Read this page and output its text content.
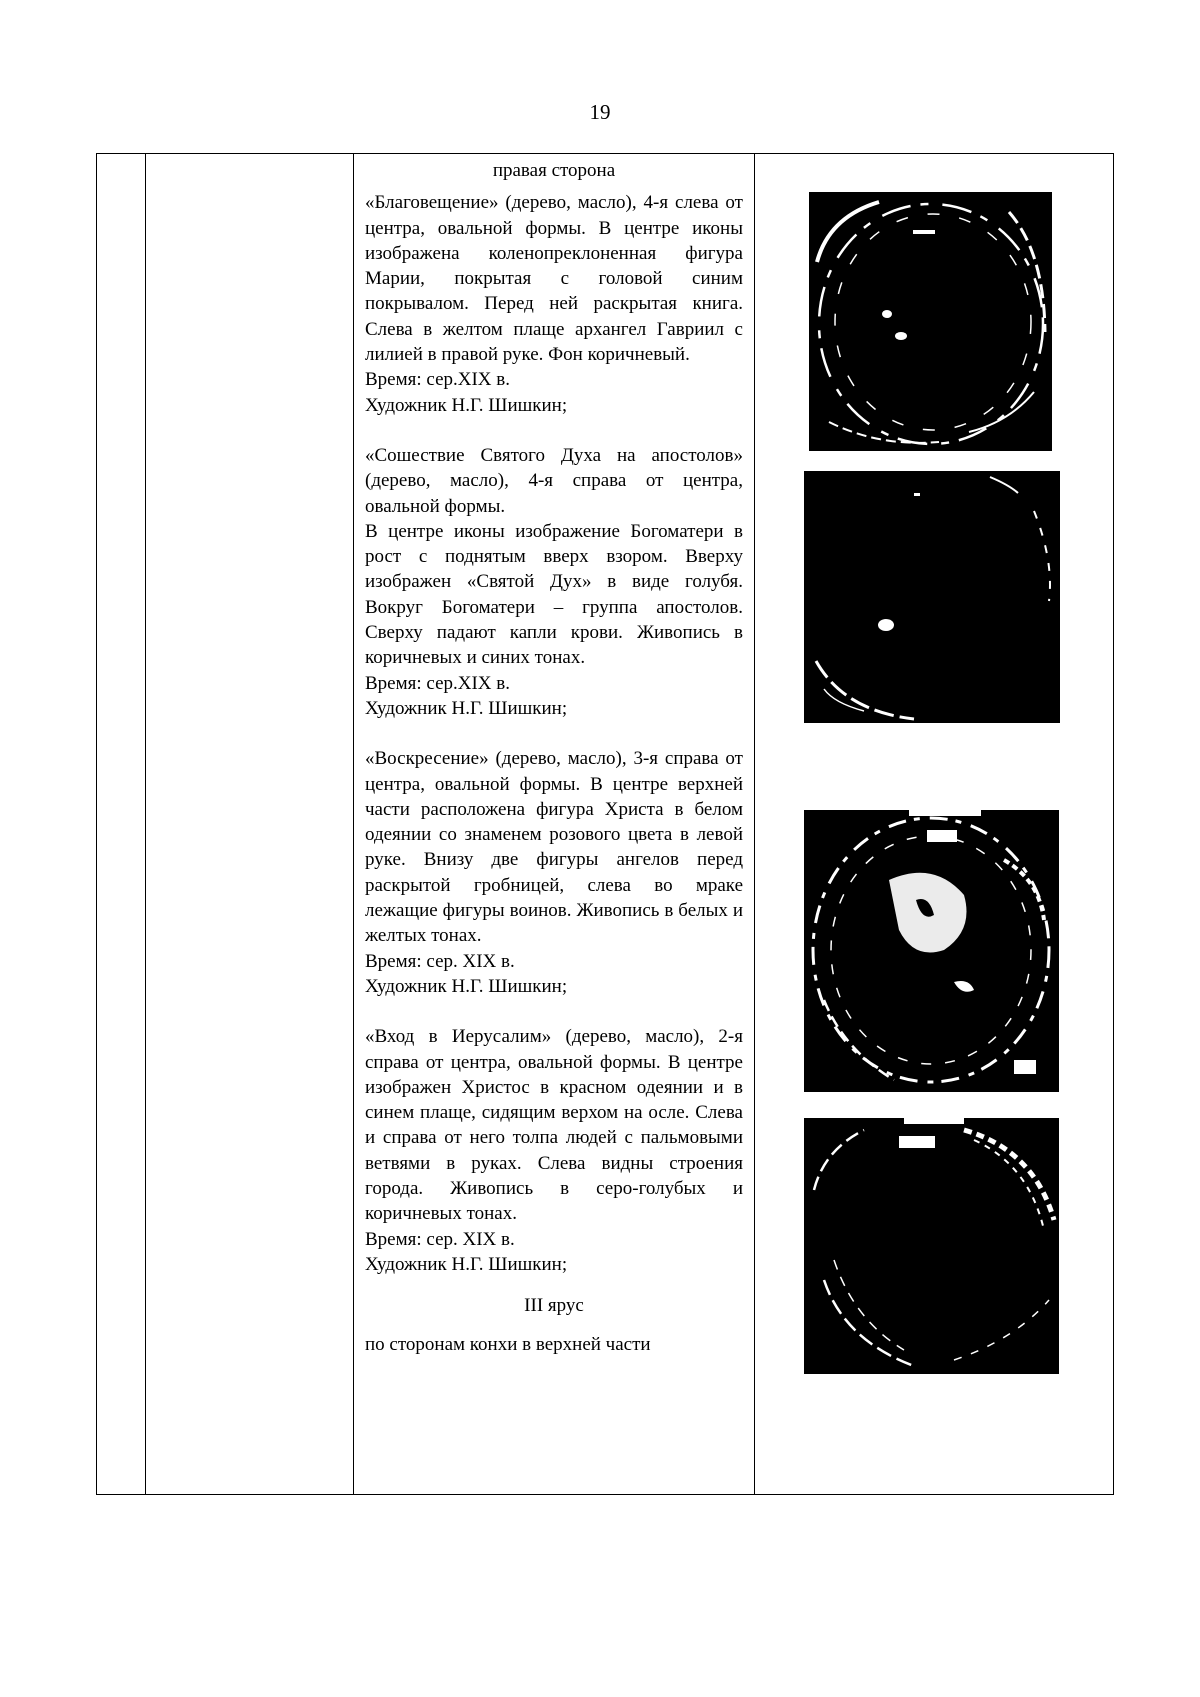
19
правая сторона

«Благовещение» (дерево, масло), 4-я слева от центра, овальной формы. В центре иконы изображена коленопреклоненная фигура Марии, покрытая с головой синим покрывалом. Перед ней раскрытая книга. Слева в желтом плаще архангел Гавриил с лилией в правой руке. Фон коричневый.

Время: сер.XIX в.

Художник Н.Г. Шишкин;

«Сошествие Святого Духа на апостолов» (дерево, масло), 4-я справа от центра, овальной формы.

В центре иконы изображение Богоматери в рост с поднятым вверх взором. Вверху изображен «Святой Дух» в виде голубя. Вокруг Богоматери – группа апостолов. Сверху падают капли крови. Живопись в коричневых и синих тонах.

Время: сер.XIX в.

Художник Н.Г. Шишкин;

«Воскресение» (дерево, масло), 3-я справа от центра, овальной формы. В центре верхней части расположена фигура Христа в белом одеянии со знаменем розового цвета в левой руке. Внизу две фигуры ангелов перед раскрытой гробницей, слева во мраке лежащие фигуры воинов. Живопись в белых и желтых тонах.

Время: сер. XIX в.

Художник Н.Г. Шишкин;

«Вход в Иерусалим» (дерево, масло), 2-я справа от центра, овальной формы. В центре изображен Христос в красном одеянии и в синем плаще, сидящим верхом на осле. Слева и справа от него толпа людей с пальмовыми ветвями в руках. Слева видны строения города. Живопись в серо-голубых и коричневых тонах.

Время: сер. XIX в.

Художник Н.Г. Шишкин;

III ярус
по сторонам конхи в верхней части
